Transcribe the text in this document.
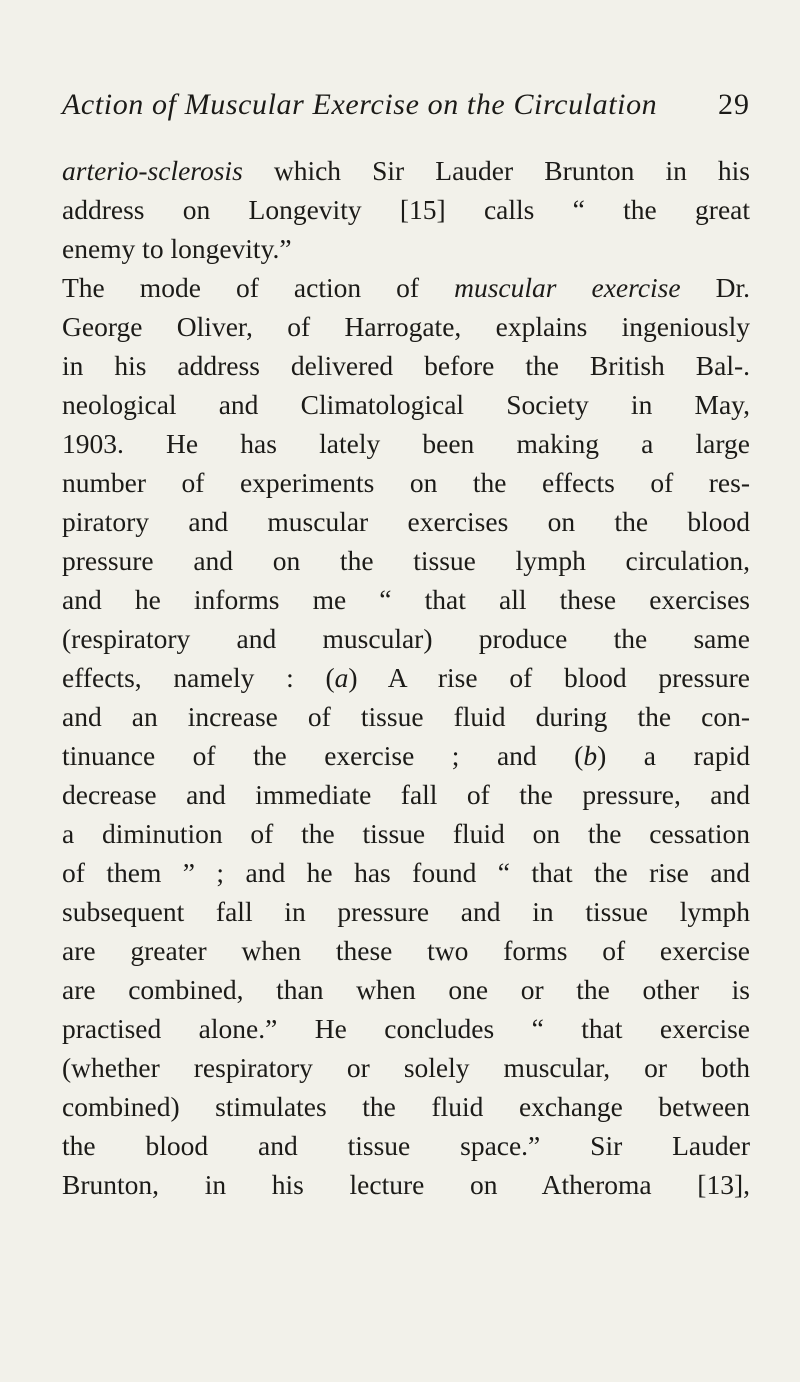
Action of Muscular Exercise on the Circulation 29
arterio-sclerosis which Sir Lauder Brunton in his
address on Longevity [15] calls “ the great
enemy to longevity.”
The mode of action of muscular exercise Dr.
George Oliver, of Harrogate, explains ingeniously
in his address delivered before the British Bal-.
neological and Climatological Society in May,
1903. He has lately been making a large
number of experiments on the effects of res-
piratory and muscular exercises on the blood
pressure and on the tissue lymph circulation,
and he informs me “ that all these exercises
(respiratory and muscular) produce the same
effects, namely : (a) A rise of blood pressure
and an increase of tissue fluid during the con-
tinuance of the exercise ; and (b) a rapid
decrease and immediate fall of the pressure, and
a diminution of the tissue fluid on the cessation
of them ” ; and he has found “ that the rise and
subsequent fall in pressure and in tissue lymph
are greater when these two forms of exercise
are combined, than when one or the other is
practised alone.” He concludes “ that exercise
(whether respiratory or solely muscular, or both
combined) stimulates the fluid exchange between
the blood and tissue space.” Sir Lauder
Brunton, in his lecture on Atheroma [13],
